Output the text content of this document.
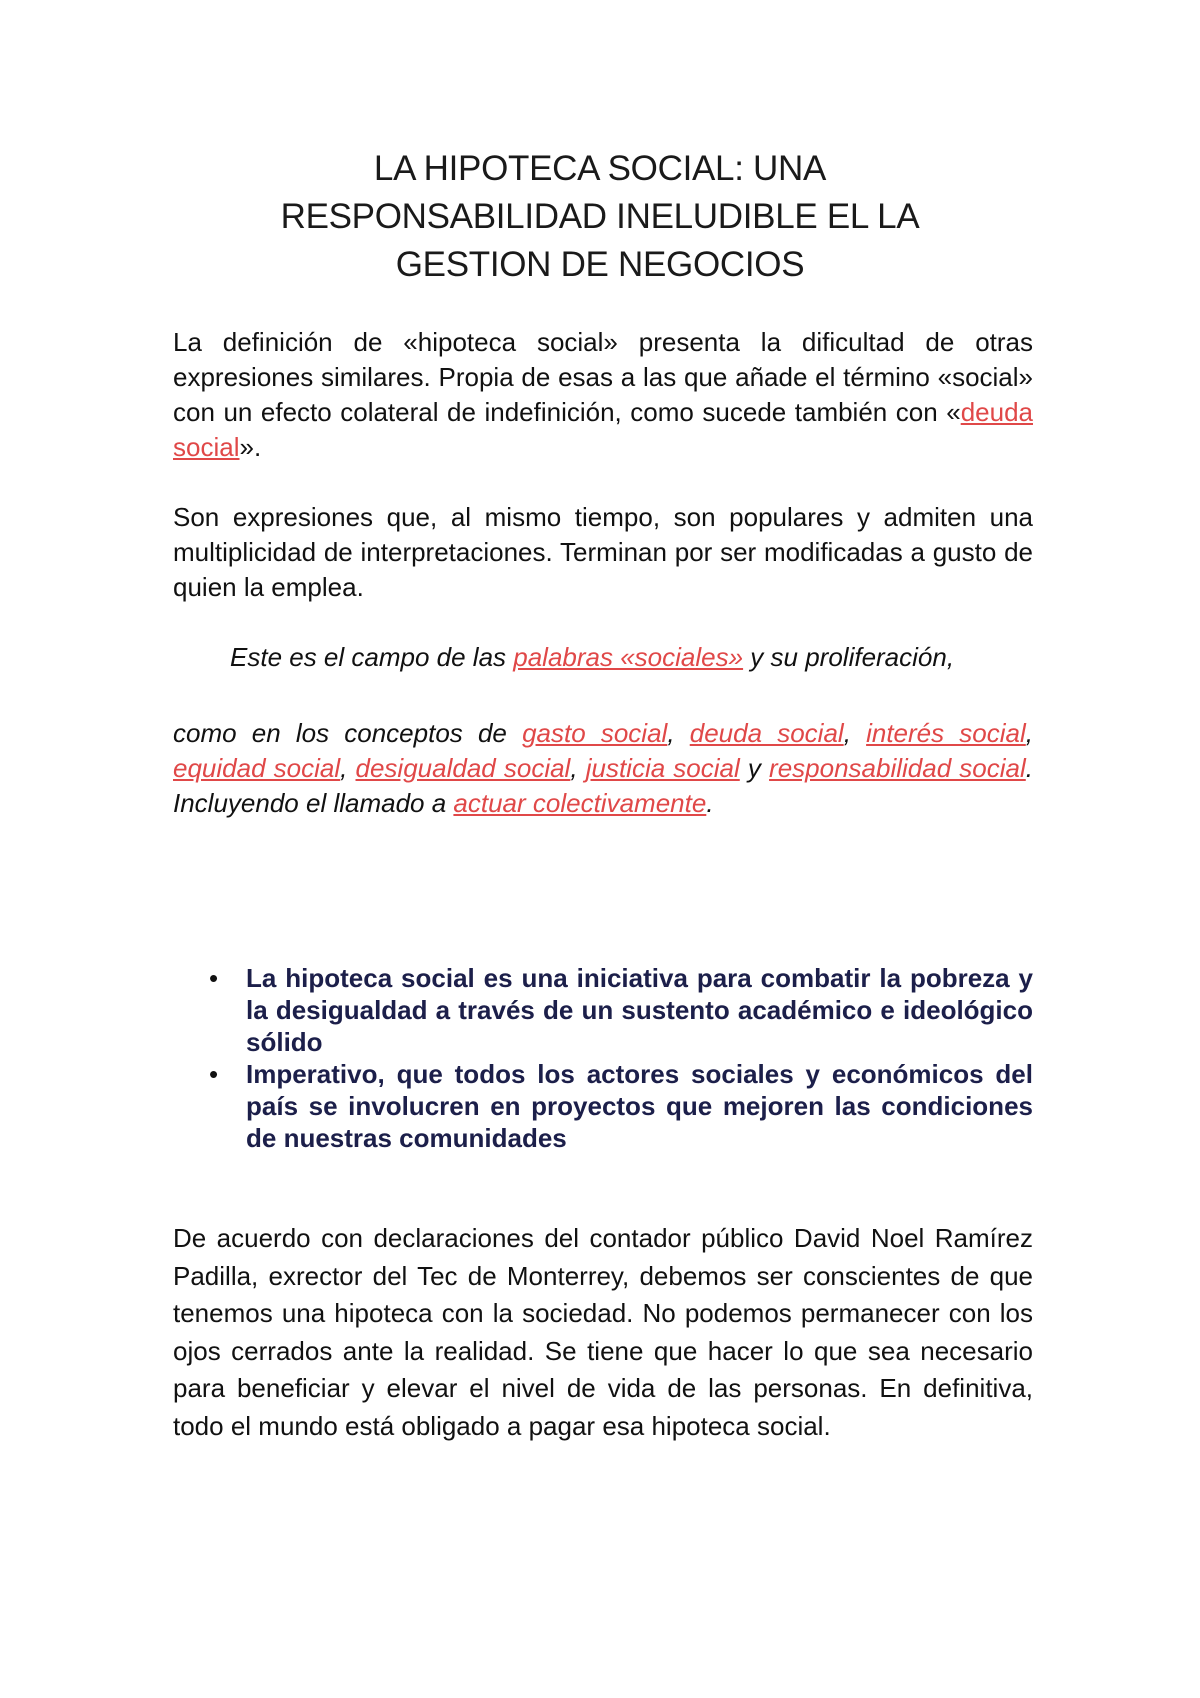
LA HIPOTECA SOCIAL: UNA
RESPONSABILIDAD INELUDIBLE EL LA
GESTION DE NEGOCIOS

La definición de «hipoteca social» presenta la dificultad de otras expresiones similares. Propia de esas a las que añade el término «social» con un efecto colateral de indefinición, como sucede también con «deuda social».

Son expresiones que, al mismo tiempo, son populares y admiten una multiplicidad de interpretaciones. Terminan por ser modificadas a gusto de quien la emplea.

Este es el campo de las palabras «sociales» y su proliferación,

como en los conceptos de gasto social, deuda social, interés social, equidad social, desigualdad social, justicia social y responsabilidad social. Incluyendo el llamado a actuar colectivamente.

• La hipoteca social es una iniciativa para combatir la pobreza y la desigualdad a través de un sustento académico e ideológico sólido
• Imperativo, que todos los actores sociales y económicos del país se involucren en proyectos que mejoren las condiciones de nuestras comunidades

De acuerdo con declaraciones del contador público David Noel Ramírez Padilla, exrector del Tec de Monterrey, debemos ser conscientes de que tenemos una hipoteca con la sociedad. No podemos permanecer con los ojos cerrados ante la realidad. Se tiene que hacer lo que sea necesario para beneficiar y elevar el nivel de vida de las personas. En definitiva, todo el mundo está obligado a pagar esa hipoteca social.
